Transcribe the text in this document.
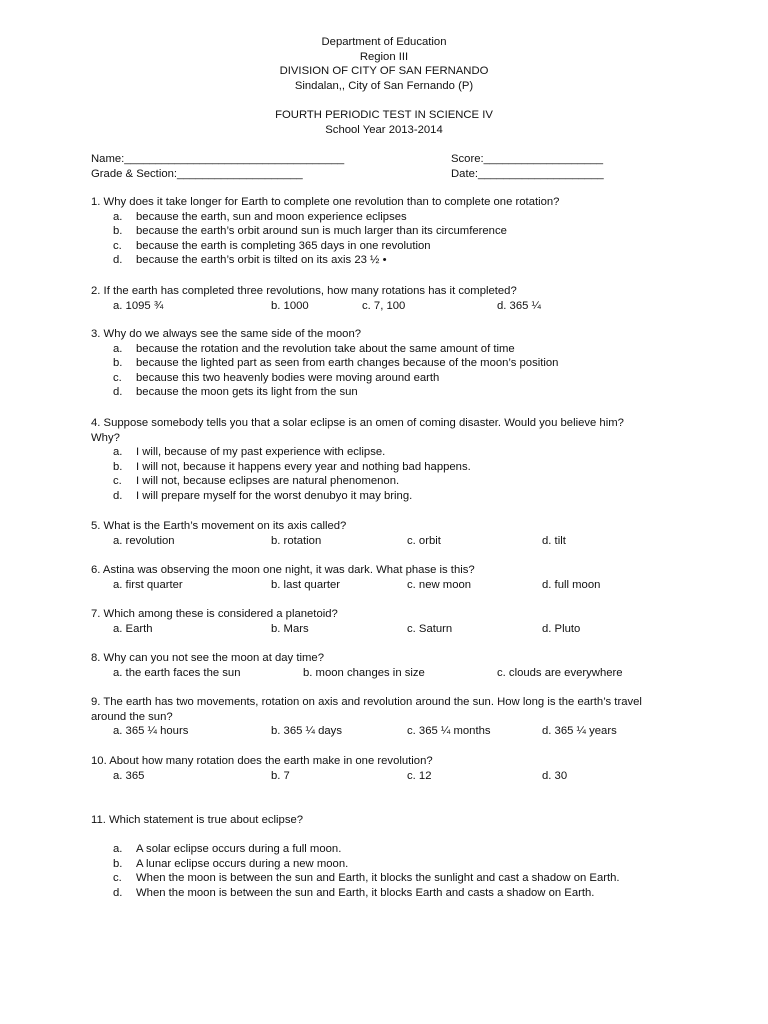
Department of Education
Region III
DIVISION OF CITY OF SAN FERNANDO
Sindalan,, City of San Fernando (P)
FOURTH PERIODIC TEST IN SCIENCE IV
School Year 2013-2014
Name:___________________________________	Score:___________________
Grade & Section:____________________	Date:____________________
1. Why does it take longer for Earth to complete one revolution than to complete one rotation?
a. because the earth, sun and moon experience eclipses
b. because the earth’s orbit around sun is much larger than its circumference
c. because the earth is completing 365 days in one revolution
d. because the earth’s orbit is tilted on its axis 23 ½ •
2. If the earth has completed three revolutions, how many rotations has it completed?
a. 1095 ¾	b. 1000	c. 7, 100	d. 365 ¼
3. Why do we always see the same side of the moon?
a. because the rotation and the revolution take about the same amount of time
b. because the lighted part as seen from earth changes because of the moon’s position
c. because this two heavenly bodies were moving around earth
d. because the moon gets its light from the sun
4. Suppose somebody tells you that a solar eclipse is an omen of coming disaster. Would you believe him? Why?
a. I will, because of my past experience with eclipse.
b. I will not, because it happens every year and nothing bad happens.
c. I will not, because eclipses are natural phenomenon.
d. I will prepare myself for the worst denubyo it may bring.
5. What is the Earth’s movement on its axis called?
a. revolution	b. rotation	c. orbit	d. tilt
6. Astina was observing the moon one night, it was dark. What phase is this?
a. first quarter	b. last quarter	c. new moon	d. full moon
7. Which among these is considered a planetoid?
a. Earth	b. Mars	c. Saturn	d. Pluto
8. Why can you not see the moon at day time?
a. the earth faces the sun	b. moon changes in size	c. clouds are everywhere
9. The earth has two movements, rotation on axis and revolution around the sun. How long is the earth’s travel around the sun?
a. 365 ¼ hours	b. 365 ¼ days	c. 365 ¼ months	d. 365 ¼ years
10. About how many rotation does the earth make in one revolution?
a. 365	b. 7	c. 12	d. 30
11. Which statement is true about eclipse?
a. A solar eclipse occurs during a full moon.
b. A lunar eclipse occurs during a new moon.
c. When the moon is between the sun and Earth, it blocks the sunlight and cast a shadow on Earth.
d. When the moon is between the sun and Earth, it blocks Earth and casts a shadow on Earth.
